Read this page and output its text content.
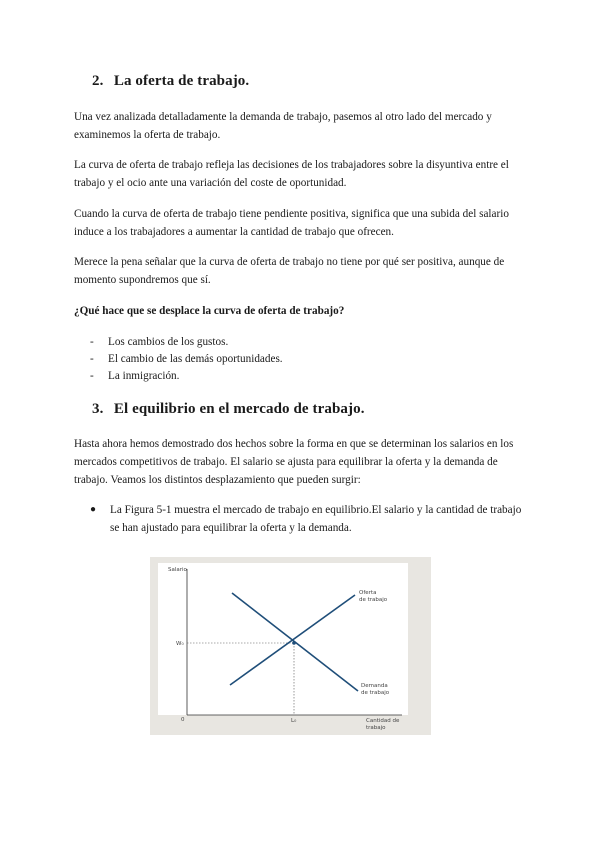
2. La oferta de trabajo.

Una vez analizada detalladamente la demanda de trabajo, pasemos al otro lado del mercado y examinemos la oferta de trabajo.

La curva de oferta de trabajo refleja las decisiones de los trabajadores sobre la disyuntiva entre el trabajo y el ocio ante una variación del coste de oportunidad.

Cuando la curva de oferta de trabajo tiene pendiente positiva, significa que una subida del salario induce a los trabajadores a aumentar la cantidad de trabajo que ofrecen.

Merece la pena señalar que la curva de oferta de trabajo no tiene por qué ser positiva, aunque de momento supondremos que sí.

¿Qué hace que se desplace la curva de oferta de trabajo?

- Los cambios de los gustos.
- El cambio de las demás oportunidades.
- La inmigración.
3. El equilibrio en el mercado de trabajo.

Hasta ahora hemos demostrado dos hechos sobre la forma en que se determinan los salarios en los mercados competitivos de trabajo. El salario se ajusta para equilibrar la oferta y la demanda de trabajo. Veamos los distintos desplazamiento que pueden surgir:

● La Figura 5-1 muestra el mercado de trabajo en equilibrio.El salario y la cantidad de trabajo se han ajustado para equilibrar la oferta y la demanda.
Salario
0	Cantidad de
trabajo
W₀
L₀
Oferta
de trabajo
Demanda
de trabajo
